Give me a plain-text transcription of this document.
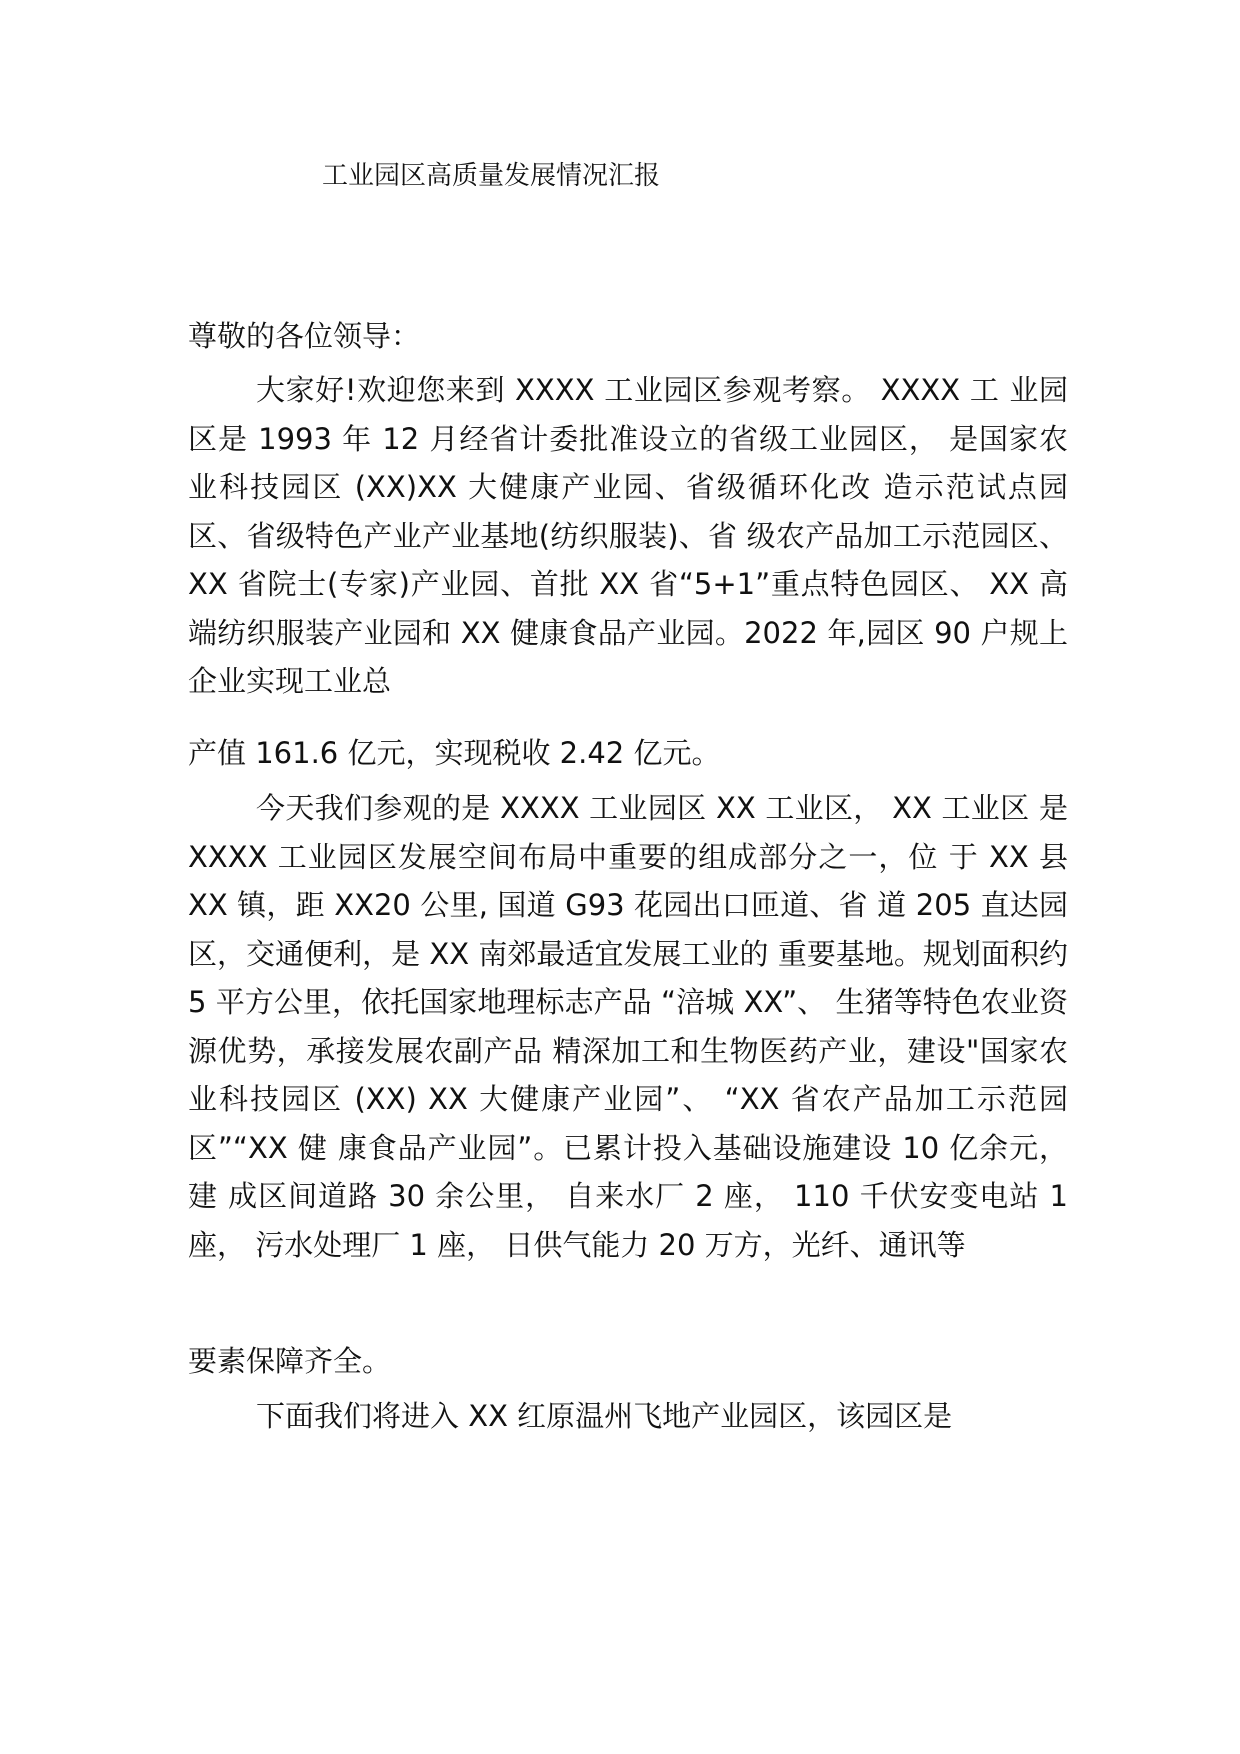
工业园区高质量发展情况汇报
尊敬的各位领导：

大家好!欢迎您来到 XXXX 工业园区参观考察。 XXXX 工 业园区是 1993 年 12 月经省计委批准设立的省级工业园区， 是国家农业科技园区 (XX)XX 大健康产业园、省级循环化改 造示范试点园区、省级特色产业产业基地(纺织服装)、省 级农产品加工示范园区、 XX 省院士(专家)产业园、首批 XX 省“5+1”重点特色园区、 XX 高端纺织服装产业园和 XX 健康食品产业园。2022 年,园区 90 户规上企业实现工业总

产值 161.6 亿元，实现税收 2.42 亿元。

今天我们参观的是 XXXX 工业园区 XX 工业区， XX 工业区 是 XXXX 工业园区发展空间布局中重要的组成部分之一，位 于 XX 县 XX 镇，距 XX20 公里, 国道 G93 花园出口匝道、省 道 205 直达园区，交通便利，是 XX 南郊最适宜发展工业的 重要基地。规划面积约 5 平方公里，依托国家地理标志产品 “涪城 XX”、 生猪等特色农业资源优势，承接发展农副产品 精深加工和生物医药产业，建设"国家农业科技园区 (XX) XX 大健康产业园”、 “XX 省农产品加工示范园区”“XX 健 康食品产业园”。已累计投入基础设施建设 10 亿余元，建 成区间道路 30 余公里， 自来水厂 2 座， 110 千伏安变电站 1 座， 污水处理厂 1 座， 日供气能力 20 万方，光纤、通讯等

要素保障齐全。

下面我们将进入 XX 红原温州飞地产业园区，该园区是
